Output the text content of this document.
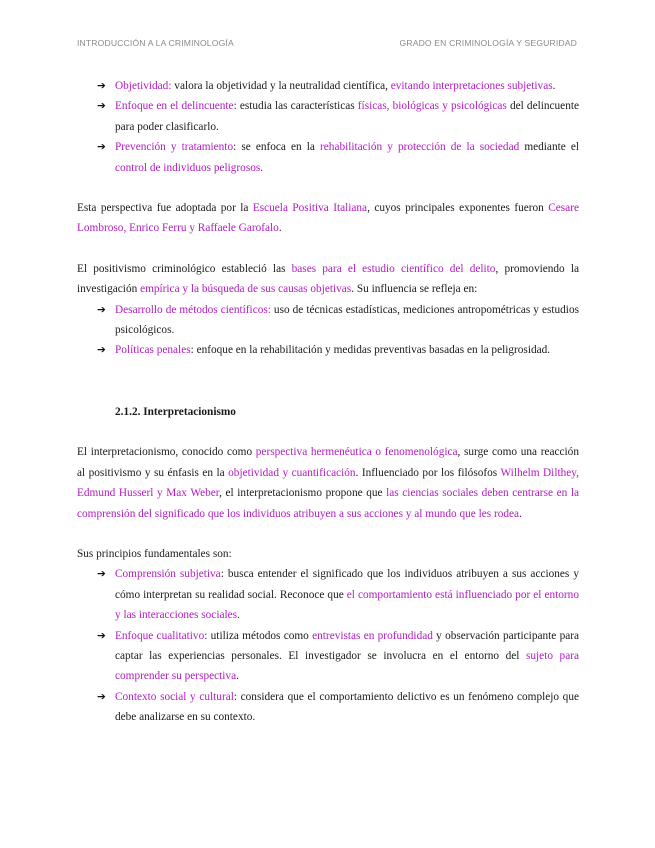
INTRODUCCIÓN A LA CRIMINOLOGÍA	GRADO EN CRIMINOLOGÍA Y SEGURIDAD
➔ Objetividad: valora la objetividad y la neutralidad científica, evitando interpretaciones subjetivas.
➔ Enfoque en el delincuente: estudia las características físicas, biológicas y psicológicas del delincuente para poder clasificarlo.
➔ Prevención y tratamiento: se enfoca en la rehabilitación y protección de la sociedad mediante el control de individuos peligrosos.

Esta perspectiva fue adoptada por la Escuela Positiva Italiana, cuyos principales exponentes fueron Cesare Lombroso, Enrico Ferru y Raffaele Garofalo.

El positivismo criminológico estableció las bases para el estudio científico del delito, promoviendo la investigación empírica y la búsqueda de sus causas objetivas. Su influencia se refleja en:

➔ Desarrollo de métodos científicos: uso de técnicas estadísticas, mediciones antropométricas y estudios psicológicos.
➔ Políticas penales: enfoque en la rehabilitación y medidas preventivas basadas en la peligrosidad.
2.1.2. Interpretacionismo

El interpretacionismo, conocido como perspectiva hermenéutica o fenomenológica, surge como una reacción al positivismo y su énfasis en la objetividad y cuantificación. Influenciado por los filósofos Wilhelm Dilthey, Edmund Husserl y Max Weber, el interpretacionismo propone que las ciencias sociales deben centrarse en la comprensión del significado que los individuos atribuyen a sus acciones y al mundo que les rodea.

Sus principios fundamentales son:

➔ Comprensión subjetiva: busca entender el significado que los individuos atribuyen a sus acciones y cómo interpretan su realidad social. Reconoce que el comportamiento está influenciado por el entorno y las interacciones sociales.
➔ Enfoque cualitativo: utiliza métodos como entrevistas en profundidad y observación participante para captar las experiencias personales. El investigador se involucra en el entorno del sujeto para comprender su perspectiva.
➔ Contexto social y cultural: considera que el comportamiento delictivo es un fenómeno complejo que debe analizarse en su contexto.
